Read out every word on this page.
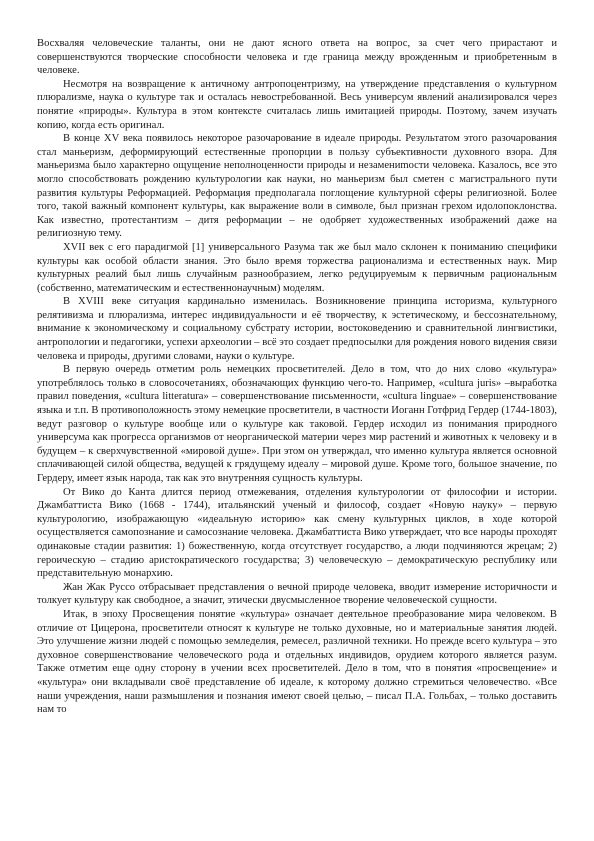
Восхваляя человеческие таланты, они не дают ясного ответа на вопрос, за счет чего прирастают и совершенствуются творческие способности человека и где граница между врожденным и приобретенным в человеке.

Несмотря на возвращение к античному антропоцентризму, на утверждение представления о культурном плюрализме, наука о культуре так и осталась невостребованной. Весь универсум явлений анализировался через понятие «природы». Культура в этом контексте считалась лишь имитацией природы. Поэтому, зачем изучать копию, когда есть оригинал.

В конце XV века появилось некоторое разочарование в идеале природы. Результатом этого разочарования стал маньеризм, деформирующий естественные пропорции в пользу субъективности духовного взора. Для маньеризма было характерно ощущение неполноценности природы и незамениmости человека. Казалось, все это могло способствовать рождению культурологии как науки, но маньеризм был сметен с магистрального пути развития культуры Реформацией. Реформация предполагала поглощение культурной сферы религиозной. Более того, такой важный компонент культуры, как выражение воли в символе, был признан грехом идолопоклонства. Как известно, протестантизм – дитя реформации – не одобряет художественных изображений даже на религиозную тему.

XVII век с его парадигмой [1] универсального Разума так же был мало склонен к пониманию специфики культуры как особой области знания. Это было время торжества рационализма и естественных наук. Мир культурных реалий был лишь случайным разнообразием, легко редуцируемым к первичным рациональным (собственно, математическим и естественнонаучным) моделям.

В XVIII веке ситуация кардинально изменилась. Возникновение принципа историзма, культурного релятивизма и плюрализма, интерес индивидуальности и её творчеству, к эстетическому, и бессознательному, внимание к экономическому и социальному субстрату истории, востоковедению и сравнительной лингвистики, антропологии и педагогики, успехи археологии – всё это создает предпосылки для рождения нового видения связи человека и природы, другими словами, науки о культуре.

В первую очередь отметим роль немецких просветителей. Дело в том, что до них слово «культура» употреблялось только в словосочетаниях, обозначающих функцию чего-то. Например, «cultura juris» –выработка правил поведения, «cultura litteratura» – совершенствование письменности, «cultura linguae» – совершенствование языка и т.п. В противоположность этому немецкие просветители, в частности Иоганн Готфрид Гердер (1744-1803), ведут разговор о культуре вообще или о культуре как таковой. Гердер исходил из понимания природного универсума как прогресса организмов от неорганической материи через мир растений и животных к человеку и в будущем – к сверхчувственной «мировой душе». При этом он утверждал, что именно культура является основной сплачивающей силой общества, ведущей к грядущему идеалу – мировой душе. Кроме того, большое значение, по Гердеру, имеет язык народа, так как это внутренняя сущность культуры.

От Вико до Канта длится период отмежевания, отделения культурологии от философии и истории. Джамбаттиста Вико (1668 - 1744), итальянский ученый и философ, создает «Новую науку» – первую культурологию, изображающую «идеальную историю» как смену культурных циклов, в ходе которой осуществляется самопознание и самосознание человека. Джамбаттиста Вико утверждает, что все народы проходят одинаковые стадии развития: 1) божественную, когда отсутствует государство, а люди подчиняются жрецам; 2) героическую – стадию аристократического государства; 3) человеческую – демократическую республику или представительную монархию.

Жан Жак Руссо отбрасывает представления о вечной природе человека, вводит измерение историчности и толкует культуру как свободное, а значит, этически двусмысленное творение человеческой сущности.

Итак, в эпоху Просвещения понятие «культура» означает деятельное преобразование мира человеком. В отличие от Цицерона, просветители относят к культуре не только духовные, но и материальные занятия людей. Это улучшение жизни людей с помощью земледелия, ремесел, различной техники. Но прежде всего культура – это духовное совершенствование человеческого рода и отдельных индивидов, орудием которого является разум. Также отметим еще одну сторону в учении всех просветителей. Дело в том, что в понятия «просвещение» и «культура» они вкладывали своё представление об идеале, к которому должно стремиться человечество. «Все наши учреждения, наши размышления и познания имеют своей целью, – писал П.А. Гольбах, – только доставить нам то
